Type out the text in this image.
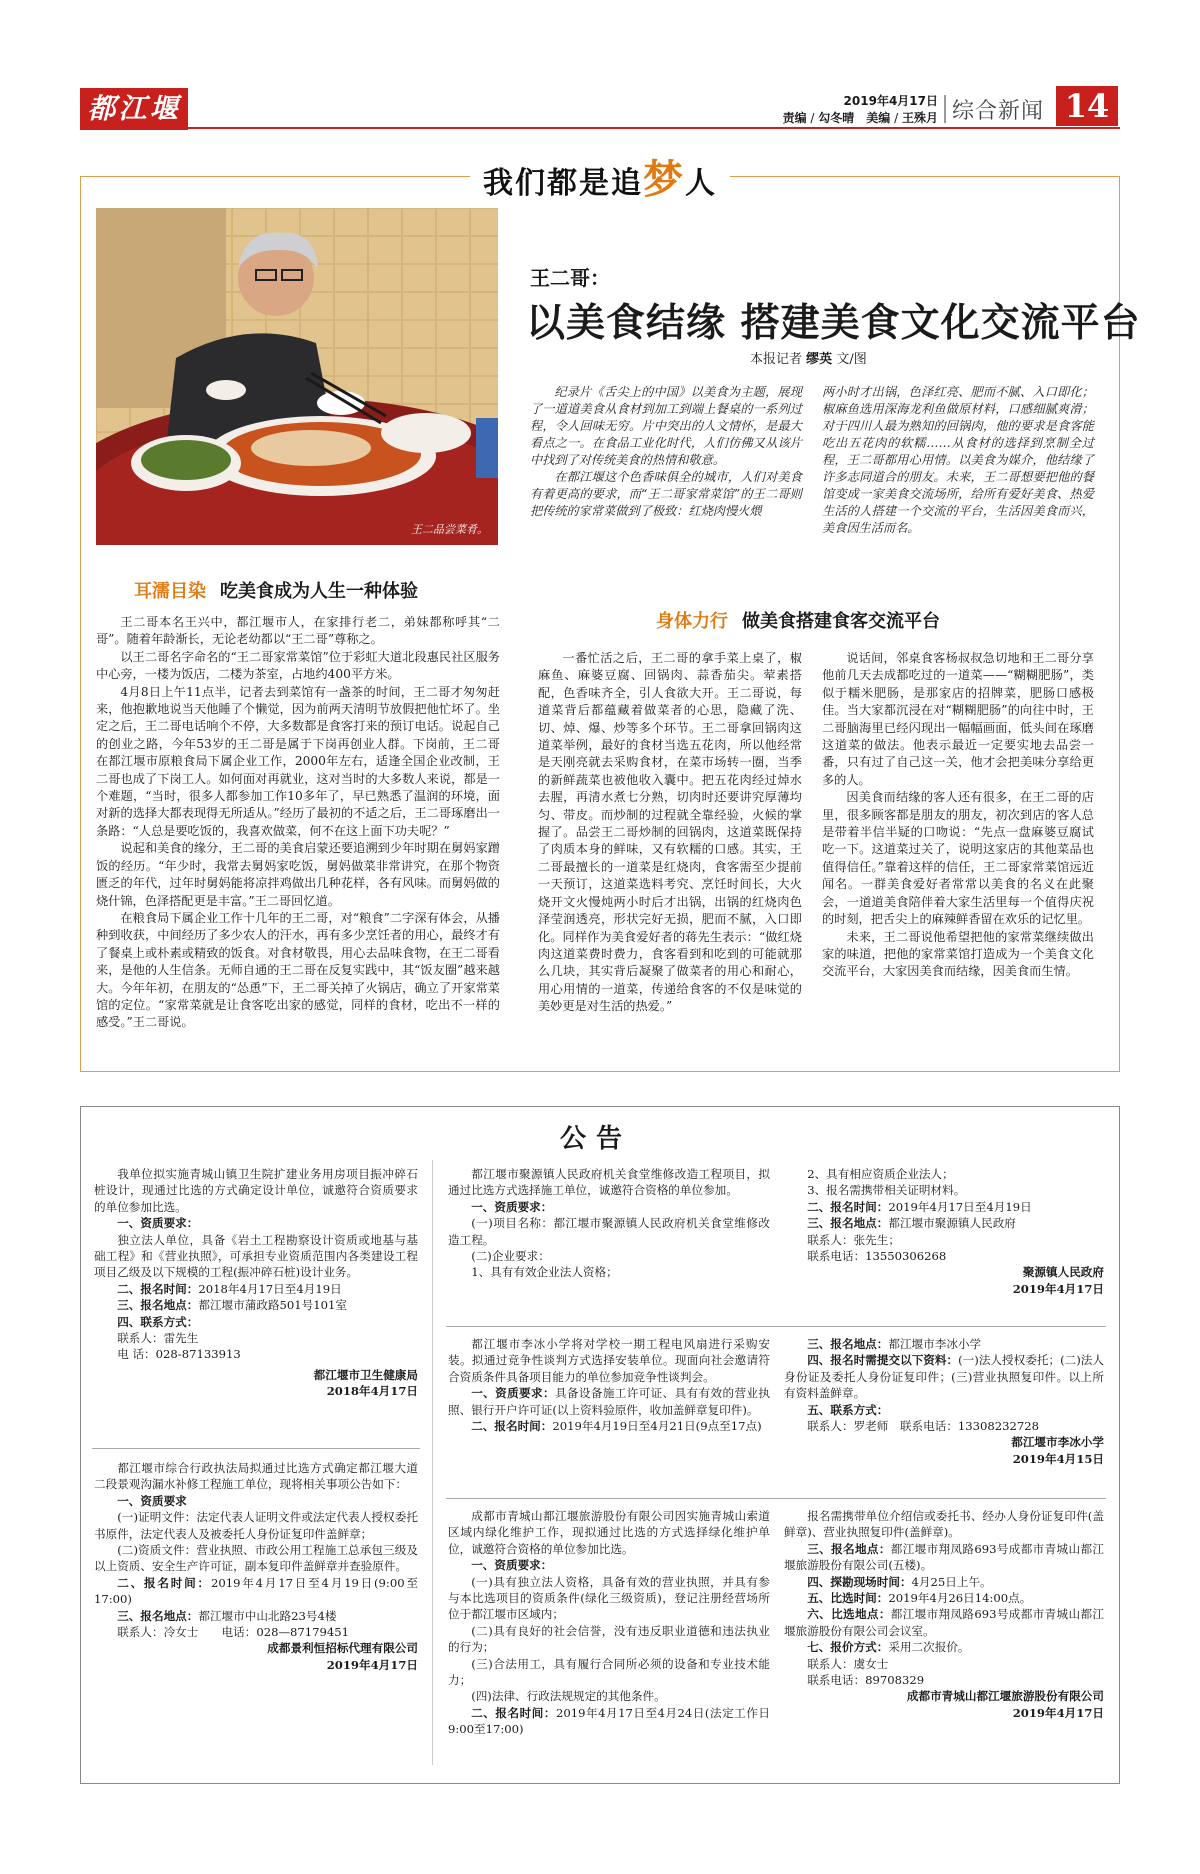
都江堰报
2019年4月17日
责编 / 勾冬晴　 美编 / 王殊月 综合新闻 14
我们都是追梦人
王二品尝菜肴。
王二哥：
以美食结缘 搭建美食文化交流平台
本报记者 缪英 文/图

纪录片《舌尖上的中国》以美食为主题，展现了一道道美食从食材到加工到端上餐桌的一系列过程，令人回味无穷。片中突出的人文情怀，是最大看点之一。在食品工业化时代，人们仿佛又从该片中找到了对传统美食的热情和敬意。

在都江堰这个色香味俱全的城市，人们对美食有着更高的要求，而“王二哥家常菜馆”的王二哥则把传统的家常菜做到了极致：红烧肉慢火煨

两小时才出锅，色泽红亮、肥而不腻、入口即化；椒麻鱼选用深海龙利鱼做原材料，口感细腻爽滑；对于四川人最为熟知的回锅肉，他的要求是食客能吃出五花肉的软糯……从食材的选择到烹制全过程，王二哥都用心用情。以美食为媒介，他结缘了许多志同道合的朋友。未来，王二哥想要把他的餐馆变成一家美食交流场所，给所有爱好美食、热爱生活的人搭建一个交流的平台，生活因美食而兴，美食因生活而名。

耳濡目染 吃美食成为人生一种体验

王二哥本名王兴中，都江堰市人，在家排行老二，弟妹都称呼其“二哥”。随着年龄渐长，无论老幼都以“王二哥”尊称之。

以王二哥名字命名的“王二哥家常菜馆”位于彩虹大道北段惠民社区服务中心旁，一楼为饭店，二楼为茶室，占地约400平方米。

4月8日上午11点半，记者去到菜馆有一盏茶的时间，王二哥才匆匆赶来，他抱歉地说当天他睡了个懒觉，因为前两天清明节放假把他忙坏了。坐定之后，王二哥电话响个不停，大多数都是食客打来的预订电话。说起自己的创业之路，今年53岁的王二哥是属于下岗再创业人群。下岗前，王二哥在都江堰市原粮食局下属企业工作，2000年左右，适逢全国企业改制，王二哥也成了下岗工人。如何面对再就业，这对当时的大多数人来说，都是一个难题，“当时，很多人都参加工作10多年了，早已熟悉了温润的环境，面对新的选择大都表现得无所适从。”经历了最初的不适之后，王二哥琢磨出一条路：“人总是要吃饭的，我喜欢做菜，何不在这上面下功夫呢？”

说起和美食的缘分，王二哥的美食启蒙还要追溯到少年时期在舅妈家蹭饭的经历。“年少时，我常去舅妈家吃饭，舅妈做菜非常讲究，在那个物资匮乏的年代，过年时舅妈能将凉拌鸡做出几种花样，各有风味。而舅妈做的烧什锦，色泽搭配更是丰富。”王二哥回忆道。

在粮食局下属企业工作十几年的王二哥，对“粮食”二字深有体会，从播种到收获，中间经历了多少农人的汗水，再有多少烹饪者的用心，最终才有了餐桌上或朴素或精致的饭食。对食材敬畏，用心去品味食物，在王二哥看来，是他的人生信条。无师自通的王二哥在反复实践中，其“饭友圈”越来越大。今年年初，在朋友的“怂恿”下，王二哥关掉了火锅店，确立了开家常菜馆的定位。“家常菜就是让食客吃出家的感觉，同样的食材，吃出不一样的感受。”王二哥说。

身体力行 做美食搭建食客交流平台

一番忙活之后，王二哥的拿手菜上桌了，椒麻鱼、麻婆豆腐、回锅肉、蒜香茄尖。荤素搭配，色香味齐全，引人食欲大开。王二哥说，每道菜背后都蕴藏着做菜者的心思，隐藏了洗、切、焯、爆、炒等多个环节。王二哥拿回锅肉这道菜举例，最好的食材当选五花肉，所以他经常是天刚亮就去采购食材，在菜市场转一圈，当季的新鲜蔬菜也被他收入囊中。把五花肉经过焯水去腥，再清水煮七分熟，切肉时还要讲究厚薄均匀、带皮。而炒制的过程就全靠经验，火候的掌握了。品尝王二哥炒制的回锅肉，这道菜既保持了肉质本身的鲜味，又有软糯的口感。其实，王二哥最擅长的一道菜是红烧肉，食客需至少提前一天预订，这道菜选料考究、烹饪时间长，大火烧开文火慢炖两小时后才出锅，出锅的红烧肉色泽莹润透亮，形状完好无损，肥而不腻，入口即化。同样作为美食爱好者的蒋先生表示：“做红烧肉这道菜费时费力，食客看到和吃到的可能就那么几块，其实背后凝聚了做菜者的用心和耐心，用心用情的一道菜，传递给食客的不仅是味觉的美妙更是对生活的热爱。”

说话间，邻桌食客杨叔叔急切地和王二哥分享他前几天去成都吃过的一道菜——“糊糊肥肠”，类似于糯米肥肠，是那家店的招牌菜，肥肠口感极佳。当大家都沉浸在对“糊糊肥肠”的向往中时，王二哥脑海里已经闪现出一幅幅画面，低头间在琢磨这道菜的做法。他表示最近一定要实地去品尝一番，只有过了自己这一关，他才会把美味分享给更多的人。

因美食而结缘的客人还有很多，在王二哥的店里，很多顾客都是朋友的朋友，初次到店的客人总是带着半信半疑的口吻说：“先点一盘麻婆豆腐试吃一下。这道菜过关了，说明这家店的其他菜品也值得信任。”靠着这样的信任，王二哥家常菜馆远近闻名。一群美食爱好者常常以美食的名义在此聚会，一道道美食陪伴着大家生活里每一个值得庆祝的时刻，把舌尖上的麻辣鲜香留在欢乐的记忆里。

未来，王二哥说他希望把他的家常菜继续做出家的味道，把他的家常菜馆打造成为一个美食文化交流平台，大家因美食而结缘，因美食而生情。

公告

我单位拟实施青城山镇卫生院扩建业务用房项目振冲碎石桩设计，现通过比选的方式确定设计单位，诚邀符合资质要求的单位参加比选。

一、资质要求：

独立法人单位，具备《岩土工程勘察设计资质或地基与基础工程》和《营业执照》，可承担专业资质范围内各类建设工程项目乙级及以下规模的工程(振冲碎石桩)设计业务。

二、报名时间：2018年4月17日至4月19日

三、报名地点：都江堰市蒲政路501号101室

四、联系方式：

联系人：雷先生

电 话：028-87133913

都江堰市卫生健康局

2018年4月17日

都江堰市综合行政执法局拟通过比选方式确定都江堰大道二段景观沟漏水补修工程施工单位，现将相关事项公告如下：

一、资质要求

(一)证明文件：法定代表人证明文件或法定代表人授权委托书原件，法定代表人及被委托人身份证复印件盖鲜章；

(二)资质文件：营业执照、市政公用工程施工总承包三级及以上资质、安全生产许可证，副本复印件盖鲜章并查验原件。

二、报名时间：2019年4月17日至4月19日(9:00至17:00)

三、报名地点：都江堰市中山北路23号4楼

联系人：冷女士　　电话：028—87179451

成都景利恒招标代理有限公司

2019年4月17日

都江堰市聚源镇人民政府机关食堂维修改造工程项目，拟通过比选方式选择施工单位，诚邀符合资格的单位参加。

一、资质要求：

(一)项目名称：都江堰市聚源镇人民政府机关食堂维修改造工程。

(二)企业要求：

1、具有有效企业法人资格；

2、具有相应资质企业法人；

3、报名需携带相关证明材料。

二、报名时间：2019年4月17日至4月19日

三、报名地点：都江堰市聚源镇人民政府

联系人：张先生；

联系电话：13550306268

聚源镇人民政府

2019年4月17日

都江堰市李冰小学将对学校一期工程电风扇进行采购安装。拟通过竞争性谈判方式选择安装单位。现面向社会邀请符合资质条件具备项目能力的单位参加竞争性谈判会。

一、资质要求：具备设备施工许可证、具有有效的营业执照、银行开户许可证(以上资料验原件，收加盖鲜章复印件)。

二、报名时间：2019年4月19日至4月21日(9点至17点)

三、报名地点：都江堰市李冰小学

四、报名时需提交以下资料：(一)法人授权委托；(二)法人身份证及委托人身份证复印件；(三)营业执照复印件。以上所有资料盖鲜章。

五、联系方式：

联系人：罗老师　联系电话：13308232728

都江堰市李冰小学

2019年4月15日

成都市青城山都江堰旅游股份有限公司因实施青城山索道区域内绿化维护工作，现拟通过比选的方式选择绿化维护单位，诚邀符合资格的单位参加比选。

一、资质要求：

(一)具有独立法人资格，具备有效的营业执照，并具有参与本比选项目的资质条件(绿化三级资质)，登记注册经营场所位于都江堰市区域内；

(二)具有良好的社会信誉，没有违反职业道德和违法执业的行为；

(三)合法用工，具有履行合同所必须的设备和专业技术能力；

(四)法律、行政法规规定的其他条件。

二、报名时间：2019年4月17日至4月24日(法定工作日9:00至17:00)

报名需携带单位介绍信或委托书、经办人身份证复印件(盖鲜章)、营业执照复印件(盖鲜章)。

三、报名地点：都江堰市翔凤路693号成都市青城山都江堰旅游股份有限公司(五楼)。

四、探勘现场时间：4月25日上午。

五、比选时间：2019年4月26日14:00点。

六、比选地点：都江堰市翔凤路693号成都市青城山都江堰旅游股份有限公司会议室。

七、报价方式：采用二次报价。

联系人：虞女士

联系电话：89708329

成都市青城山都江堰旅游股份有限公司

2019年4月17日
